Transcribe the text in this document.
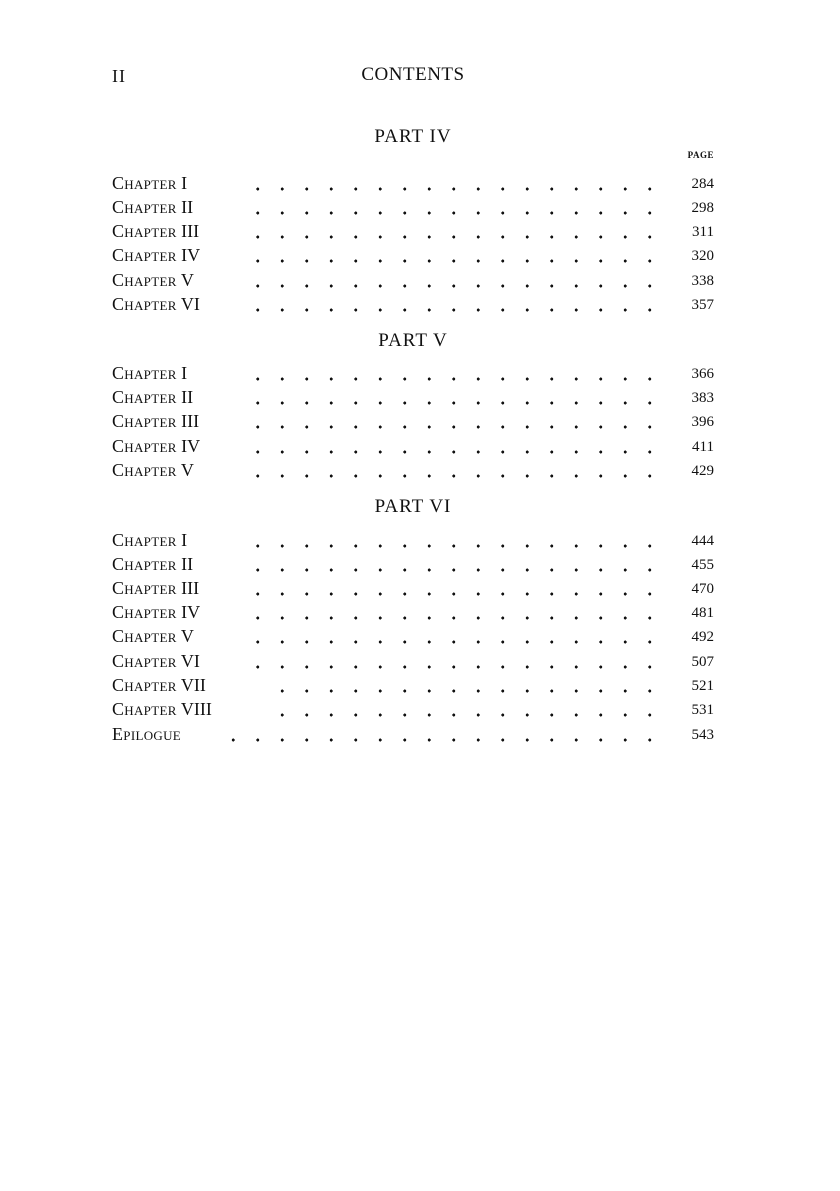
II	CONTENTS
PAGE
PART IV
Chapter I	284
Chapter II	298
Chapter III	311
Chapter IV	320
Chapter V	338
Chapter VI	357
PART V
Chapter I	366
Chapter II	383
Chapter III	396
Chapter IV	411
Chapter V	429
PART VI
Chapter I	444
Chapter II	455
Chapter III	470
Chapter IV	481
Chapter V	492
Chapter VI	507
Chapter VII	521
Chapter VIII	531
Epilogue	543
